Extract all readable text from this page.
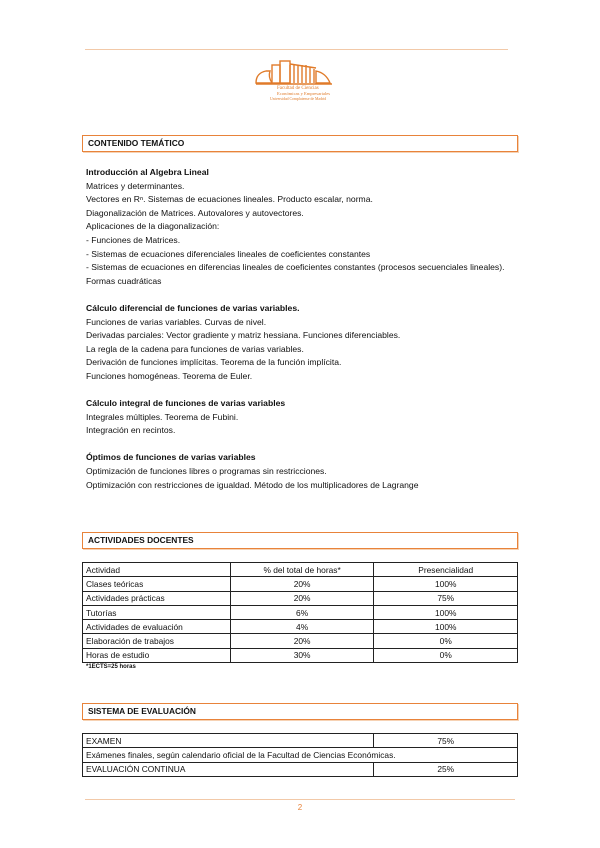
Facultad de Ciencias
Económicas y Empresariales
Universidad Complutense de Madrid
CONTENIDO TEMÁTICO

Introducción al Algebra Lineal

Matrices y determinantes.

Vectores en Rⁿ. Sistemas de ecuaciones lineales. Producto escalar, norma.

Diagonalización de Matrices. Autovalores y autovectores.

Aplicaciones de la diagonalización:

- Funciones de Matrices.

- Sistemas de ecuaciones diferenciales lineales de coeficientes constantes

- Sistemas de ecuaciones en diferencias lineales de coeficientes constantes (procesos secuenciales lineales).

Formas cuadráticas

Cálculo diferencial de funciones de varias variables.

Funciones de varias variables. Curvas de nivel.

Derivadas parciales: Vector gradiente y matriz hessiana. Funciones diferenciables.

La regla de la cadena para funciones de varias variables.

Derivación de funciones implícitas. Teorema de la función implícita.

Funciones homogéneas. Teorema de Euler.

Cálculo integral de funciones de varias variables

Integrales múltiples. Teorema de Fubini.

Integración en recintos.

Óptimos de funciones de varias variables

Optimización de funciones libres o programas sin restricciones.

Optimización con restricciones de igualdad. Método de los multiplicadores de Lagrange

ACTIVIDADES DOCENTES
Actividad	% del total de horas*	Presencialidad
Clases teóricas	20%	100%
Actividades prácticas	20%	75%
Tutorías	6%	100%
Actividades de evaluación	4%	100%
Elaboración de trabajos	20%	0%
Horas de estudio	30%	0%
*1ECTS=25 horas
SISTEMA DE EVALUACIÓN
EXAMEN	75%
Exámenes finales, según calendario oficial de la Facultad de Ciencias Económicas.	
EVALUACIÓN CONTINUA	25%
2
